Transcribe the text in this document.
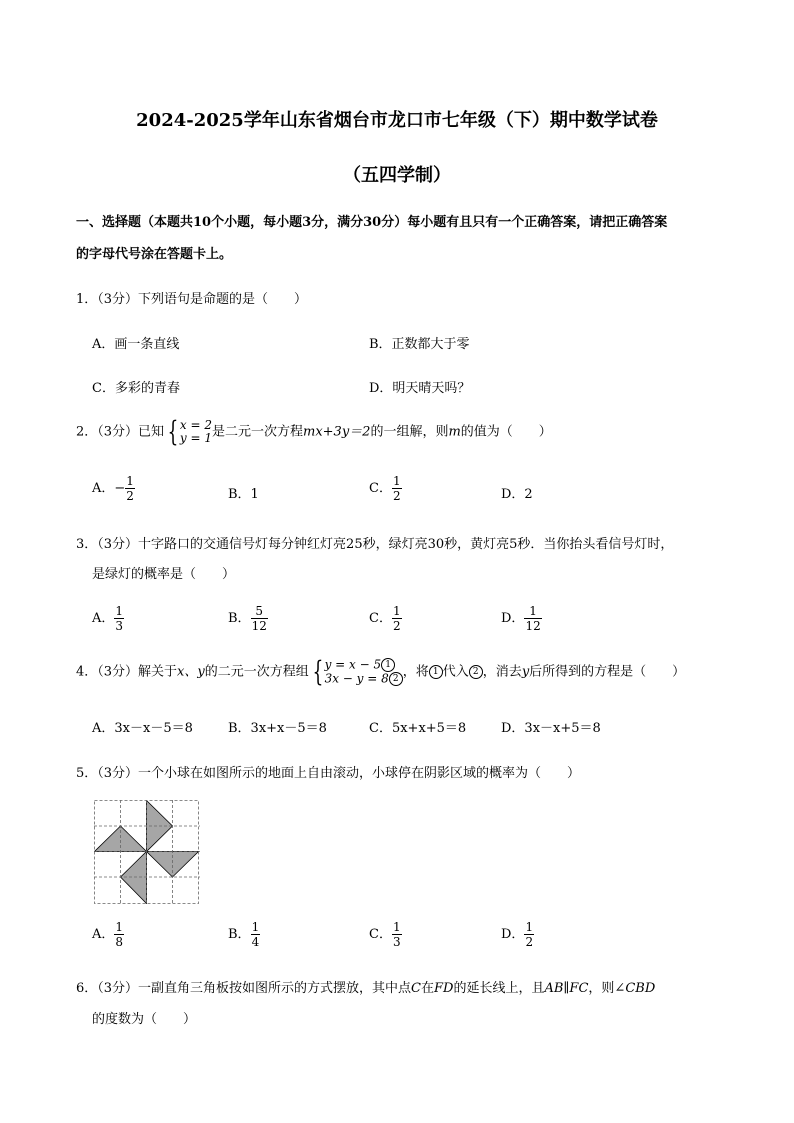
2024-2025学年山东省烟台市龙口市七年级（下）期中数学试卷
（五四学制）
一、选择题（本题共10个小题，每小题3分，满分30分）每小题有且只有一个正确答案，请把正确答案
的字母代号涂在答题卡上。
1．（3分）下列语句是命题的是（　　）
A．画一条直线	B．正数都大于零
C．多彩的青春	D．明天晴天吗？
2．（3分）已知 { x = 2
y = 1 是二元一次方程mx+3y＝2的一组解，则m的值为（　　）
A．− $\frac{1}{2}$	B．1	C． $\frac{1}{2}$	D．2
3．（3分）十字路口的交通信号灯每分钟红灯亮25秒，绿灯亮30秒，黄灯亮5秒．当你抬头看信号灯时，
是绿灯的概率是（　　）
A． $\frac{1}{3}$	B． $\frac{5}{12}$	C． $\frac{1}{2}$	D． $\frac{1}{12}$
4．（3分）解关于x、y的二元一次方程组 { y = x − 5 1
3x − y = 8 2 ，将 1 代入 2 ，消去y后所得到的方程是（　　）
A．3x－x－5＝8	B．3x+x－5＝8	C．5x+x+5＝8	D．3x－x+5＝8
5．（3分）一个小球在如图所示的地面上自由滚动，小球停在阴影区域的概率为（　　）
A． $\frac{1}{8}$	B． $\frac{1}{4}$	C． $\frac{1}{3}$	D． $\frac{1}{2}$
6．（3分）一副直角三角板按如图所示的方式摆放，其中点C在FD的延长线上，且AB∥FC，则∠CBD
的度数为（　　）
